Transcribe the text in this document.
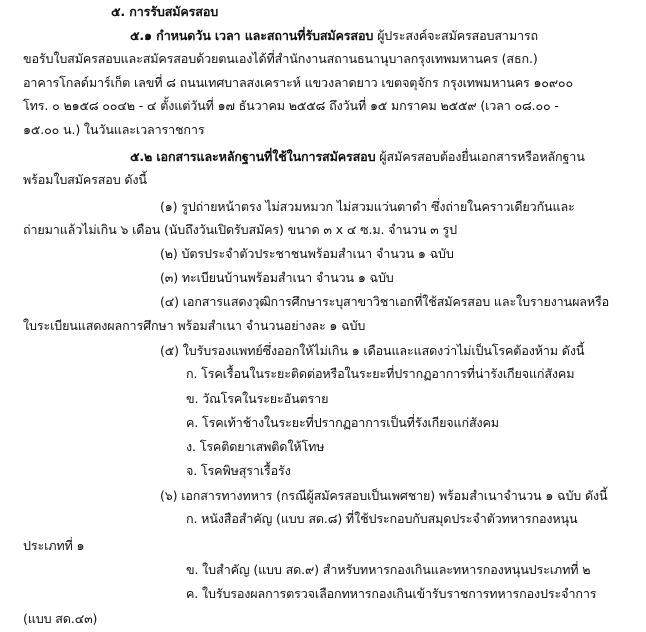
๕. การรับสมัครสอบ
๕.๑ กำหนดวัน เวลา และสถานที่รับสมัครสอบ ผู้ประสงค์จะสมัครสอบสามารถ
ขอรับใบสมัครสอบและสมัครสอบด้วยตนเองได้ที่สำนักงานสถานธนานุบาลกรุงเทพมหานคร (สธก.)
อาคารโกลด์มาร์เก็ต เลขที่ ๘ ถนนเทศบาลสงเคราะห์ แขวงลาดยาว เขตจตุจักร กรุงเทพมหานคร ๑๐๙๐๐
โทร. ๐ ๒๑๕๘ ๐๐๔๒ - ๔ ตั้งแต่วันที่ ๑๗ ธันวาคม ๒๕๕๘ ถึงวันที่ ๑๕ มกราคม ๒๕๕๙ (เวลา ๐๘.๐๐ -
๑๕.๐๐ น.) ในวันและเวลาราชการ
๕.๒ เอกสารและหลักฐานที่ใช้ในการสมัครสอบ ผู้สมัครสอบต้องยื่นเอกสารหรือหลักฐาน
พร้อมใบสมัครสอบ ดังนี้
(๑) รูปถ่ายหน้าตรง ไม่สวมหมวก ไม่สวมแว่นตาดำ ซึ่งถ่ายในคราวเดียวกันและ
ถ่ายมาแล้วไม่เกิน ๖ เดือน (นับถึงวันเปิดรับสมัคร) ขนาด ๓ x ๔ ซ.ม. จำนวน ๓ รูป
(๒) บัตรประจำตัวประชาชนพร้อมสำเนา จำนวน ๑ ฉบับ
(๓) ทะเบียนบ้านพร้อมสำเนา จำนวน ๑ ฉบับ
(๔) เอกสารแสดงวุฒิการศึกษาระบุสาขาวิชาเอกที่ใช้สมัครสอบ และใบรายงานผลหรือ
ใบระเบียนแสดงผลการศึกษา พร้อมสำเนา จำนวนอย่างละ ๑ ฉบับ
(๕) ใบรับรองแพทย์ซึ่งออกให้ไม่เกิน ๑ เดือนและแสดงว่าไม่เป็นโรคต้องห้าม ดังนี้
ก. โรคเรื้อนในระยะติดต่อหรือในระยะที่ปรากฏอาการที่น่ารังเกียจแก่สังคม
ข. วัณโรคในระยะอันตราย
ค. โรคเท้าช้างในระยะที่ปรากฏอาการเป็นที่รังเกียจแก่สังคม
ง. โรคติดยาเสพติดให้โทษ
จ. โรคพิษสุราเรื้อรัง
(๖) เอกสารทางทหาร (กรณีผู้สมัครสอบเป็นเพศชาย) พร้อมสำเนาจำนวน ๑ ฉบับ ดังนี้
ก. หนังสือสำคัญ (แบบ สด.๘) ที่ใช้ประกอบกับสมุดประจำตัวทหารกองหนุน
ประเภทที่ ๑
ข. ใบสำคัญ (แบบ สด.๙) สำหรับทหารกองเกินและทหารกองหนุนประเภทที่ ๒
ค. ใบรับรองผลการตรวจเลือกทหารกองเกินเข้ารับราชการทหารกองประจำการ
(แบบ สด.๔๓)
